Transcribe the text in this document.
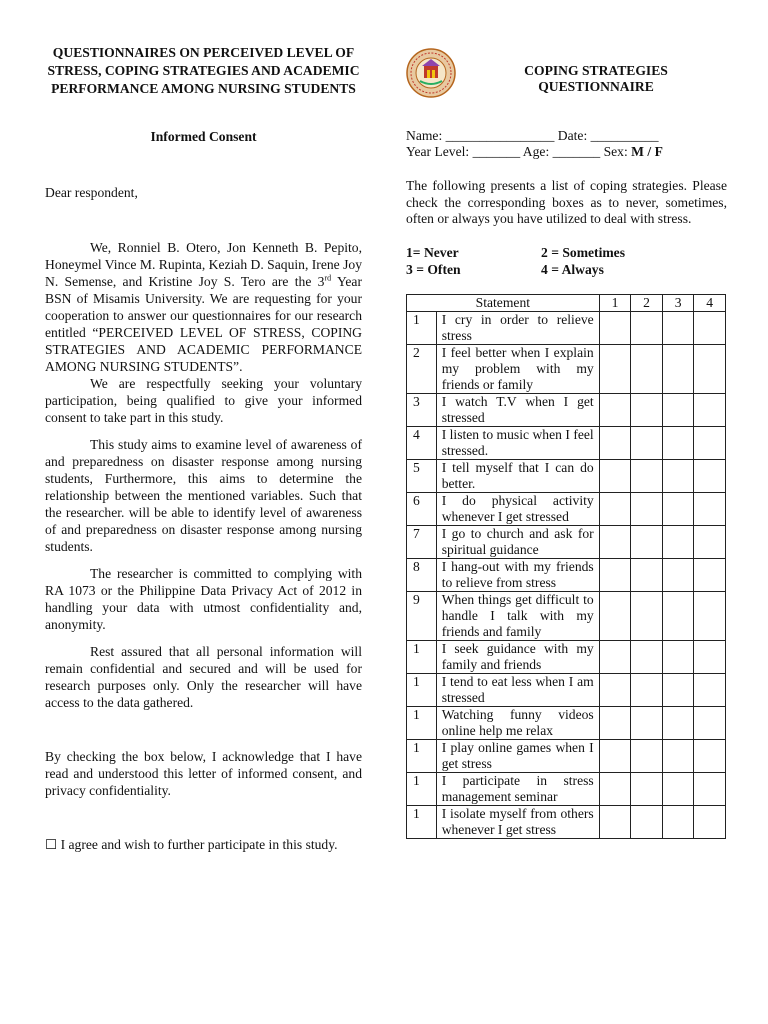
QUESTIONNAIRES ON PERCEIVED LEVEL OF STRESS, COPING STRATEGIES AND ACADEMIC PERFORMANCE AMONG NURSING STUDENTS

Informed Consent
Dear respondent,

We, Ronniel B. Otero, Jon Kenneth B. Pepito, Honeymel Vince M. Rupinta, Keziah D. Saquin, Irene Joy N. Semense, and Kristine Joy S. Tero are the 3rd Year BSN of Misamis University. We are requesting for your cooperation to answer our questionnaires for our research entitled “PERCEIVED LEVEL OF STRESS, COPING STRATEGIES AND ACADEMIC PERFORMANCE AMONG NURSING STUDENTS”.

We are respectfully seeking your voluntary participation, being qualified to give your informed consent to take part in this study.

This study aims to examine level of awareness of and preparedness on disaster response among nursing students, Furthermore, this aims to determine the relationship between the mentioned variables. Such that the researcher. will be able to identify level of awareness of and preparedness on disaster response among nursing students.

The researcher is committed to complying with RA 1073 or the Philippine Data Privacy Act of 2012 in handling your data with utmost confidentiality and, anonymity.

Rest assured that all personal information will remain confidential and secured and will be used for research purposes only. Only the researcher will have access to the data gathered.

By checking the box below, I acknowledge that I have read and understood this letter of informed consent, and privacy confidentiality.

☐ I agree and wish to further participate in this study.
COPING STRATEGIES
QUESTIONNAIRE
Name: ________________ Date: __________
Year Level: _______ Age: _______ Sex: M / F

The following presents a list of coping strategies. Please check the corresponding boxes as to never, sometimes, often or always you have utilized to deal with stress.

1= Never	2 = Sometimes
3 = Often	4 = Always
Statement		1	2	3	4
1	I cry in order to relieve stress				
2	I feel better when I explain my problem with my friends or family				
3	I watch T.V when I get stressed				
4	I listen to music when I feel stressed.				
5	I tell myself that I can do better.				
6	I do physical activity whenever I get stressed				
7	I go to church and ask for spiritual guidance				
8	I hang-out with my friends to relieve from stress				
9	When things get difficult to handle I talk with my friends and family				
1	I seek guidance with my family and friends				
1	I tend to eat less when I am stressed				
1	Watching funny videos online help me relax				
1	I play online games when I get stress				
1	I participate in stress management seminar				
1	I isolate myself from others whenever I get stress				
